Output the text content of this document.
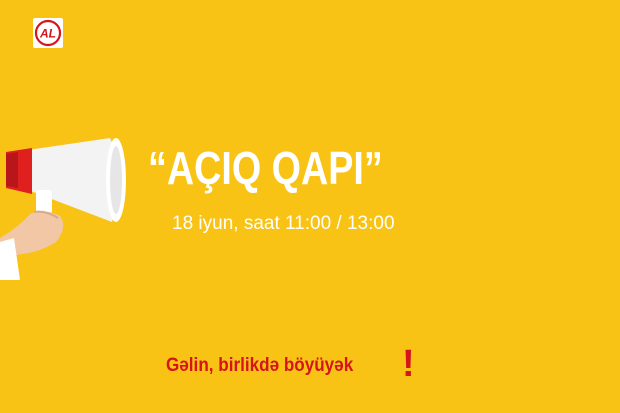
AL
“AÇIQ QAPI”
18 iyun, saat 11:00 / 13:00
Gəlin, birlikdə böyüyək !
